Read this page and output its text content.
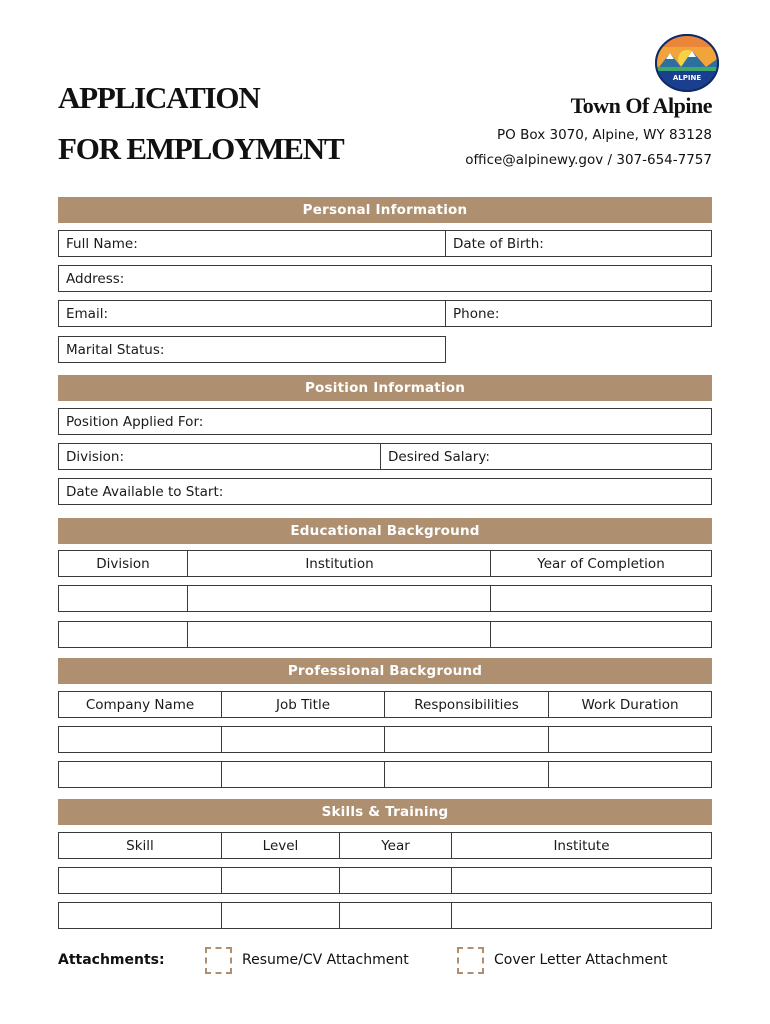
APPLICATION
FOR EMPLOYMENT
ALPINE
Town Of Alpine
PO Box 3070, Alpine, WY 83128
office@alpinewy.gov / 307-654-7757
Personal Information
Full Name:	Date of Birth:
Address:
Email:	Phone:
Marital Status:
Position Information
Position Applied For:
Division:	Desired Salary:
Date Available to Start:
Educational Background
Division	Institution	Year of Completion
Professional Background
Company Name	Job Title	Responsibilities	Work Duration
Skills & Training
Skill	Level	Year	Institute
Attachments:	Resume/CV Attachment	Cover Letter Attachment
